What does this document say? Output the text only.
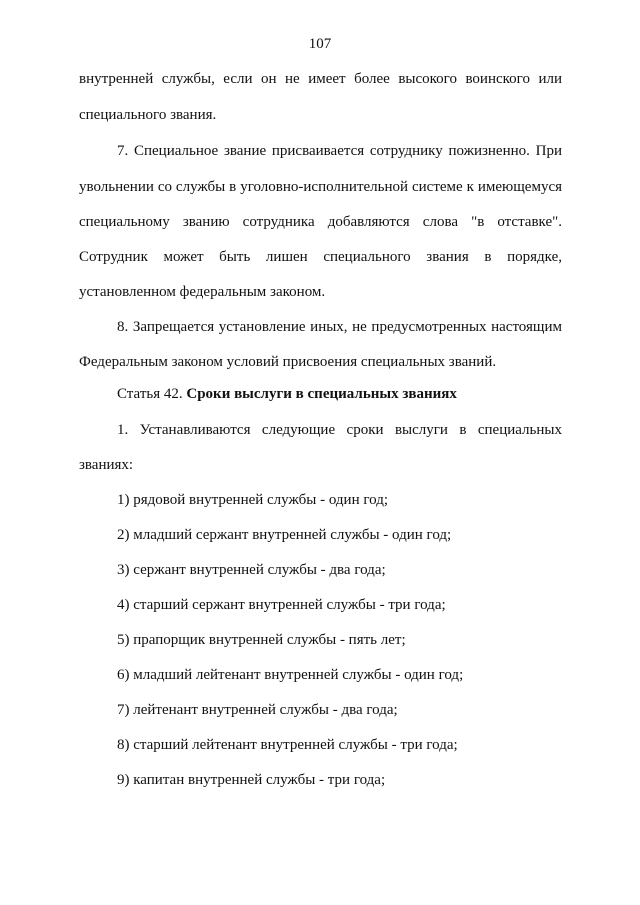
107
внутренней службы, если он не имеет более высокого воинского или
специального звания.
7. Специальное звание присваивается сотруднику пожизненно. При
увольнении со службы в уголовно-исполнительной системе к имеющемуся
специальному званию сотрудника добавляются слова "в отставке".
Сотрудник может быть лишен специального звания в порядке,
установленном федеральным законом.
8. Запрещается установление иных, не предусмотренных настоящим
Федеральным законом условий присвоения специальных званий.
Статья 42. Сроки выслуги в специальных званиях
1. Устанавливаются следующие сроки выслуги в специальных
званиях:
1) рядовой внутренней службы - один год;
2) младший сержант внутренней службы - один год;
3) сержант внутренней службы - два года;
4) старший сержант внутренней службы - три года;
5) прапорщик внутренней службы - пять лет;
6) младший лейтенант внутренней службы - один год;
7) лейтенант внутренней службы - два года;
8) старший лейтенант внутренней службы - три года;
9) капитан внутренней службы - три года;
